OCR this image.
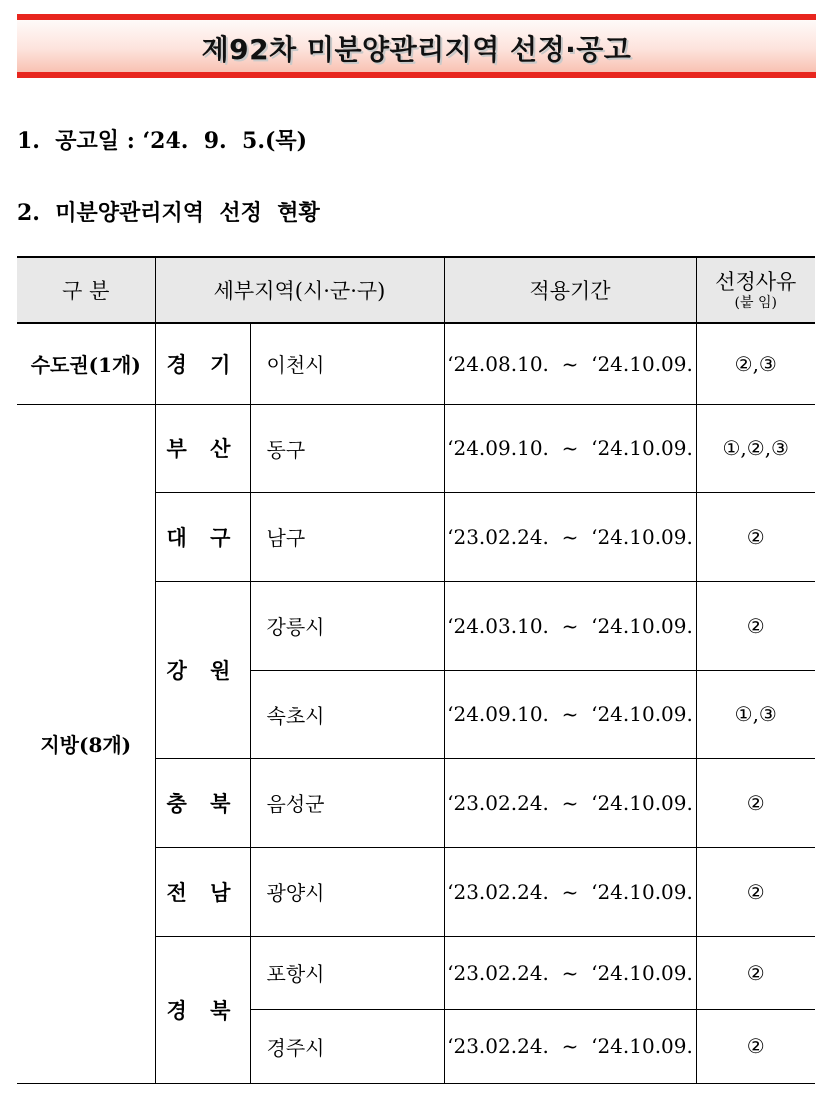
제92차 미분양관리지역 선정·공고
1.  공고일 : ‘24.  9.  5.(목)
2.  미분양관리지역  선정  현황
구 분	세부지역(시·군·구)		적용기간	선정사유
(붙 임)

수도권(1개)	경 기	이천시	‘24.08.10.  ~  ‘24.10.09.	②,③
지방(8개)	부 산	동구	‘24.09.10.  ~  ‘24.10.09.	①,②,③
	대 구	남구	‘23.02.24.  ~  ‘24.10.09.	②
	강 원	강릉시	‘24.03.10.  ~  ‘24.10.09.	②
		속초시	‘24.09.10.  ~  ‘24.10.09.	①,③
	충 북	음성군	‘23.02.24.  ~  ‘24.10.09.	②
	전 남	광양시	‘23.02.24.  ~  ‘24.10.09.	②
	경 북	포항시	‘23.02.24.  ~  ‘24.10.09.	②
		경주시	‘23.02.24.  ~  ‘24.10.09.	②
